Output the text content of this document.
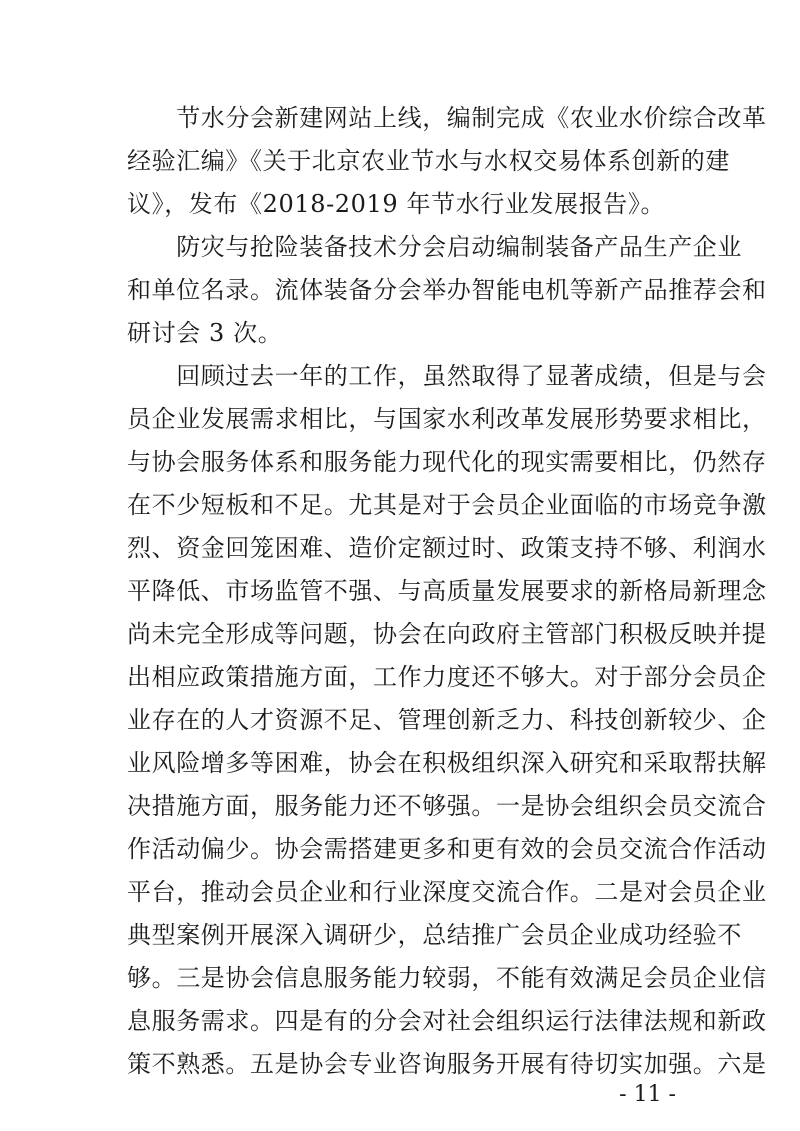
　　节水分会新建网站上线，编制完成《农业水价综合改革
经验汇编》《关于北京农业节水与水权交易体系创新的建
议》，发布《2018-2019 年节水行业发展报告》。
　　防灾与抢险装备技术分会启动编制装备产品生产企业
和单位名录。流体装备分会举办智能电机等新产品推荐会和
研讨会 3 次。
　　回顾过去一年的工作，虽然取得了显著成绩，但是与会
员企业发展需求相比，与国家水利改革发展形势要求相比，
与协会服务体系和服务能力现代化的现实需要相比，仍然存
在不少短板和不足。尤其是对于会员企业面临的市场竞争激
烈、资金回笼困难、造价定额过时、政策支持不够、利润水
平降低、市场监管不强、与高质量发展要求的新格局新理念
尚未完全形成等问题，协会在向政府主管部门积极反映并提
出相应政策措施方面，工作力度还不够大。对于部分会员企
业存在的人才资源不足、管理创新乏力、科技创新较少、企
业风险增多等困难，协会在积极组织深入研究和采取帮扶解
决措施方面，服务能力还不够强。一是协会组织会员交流合
作活动偏少。协会需搭建更多和更有效的会员交流合作活动
平台，推动会员企业和行业深度交流合作。二是对会员企业
典型案例开展深入调研少，总结推广会员企业成功经验不
够。三是协会信息服务能力较弱，不能有效满足会员企业信
息服务需求。四是有的分会对社会组织运行法律法规和新政
策不熟悉。五是协会专业咨询服务开展有待切实加强。六是
- 11 -
